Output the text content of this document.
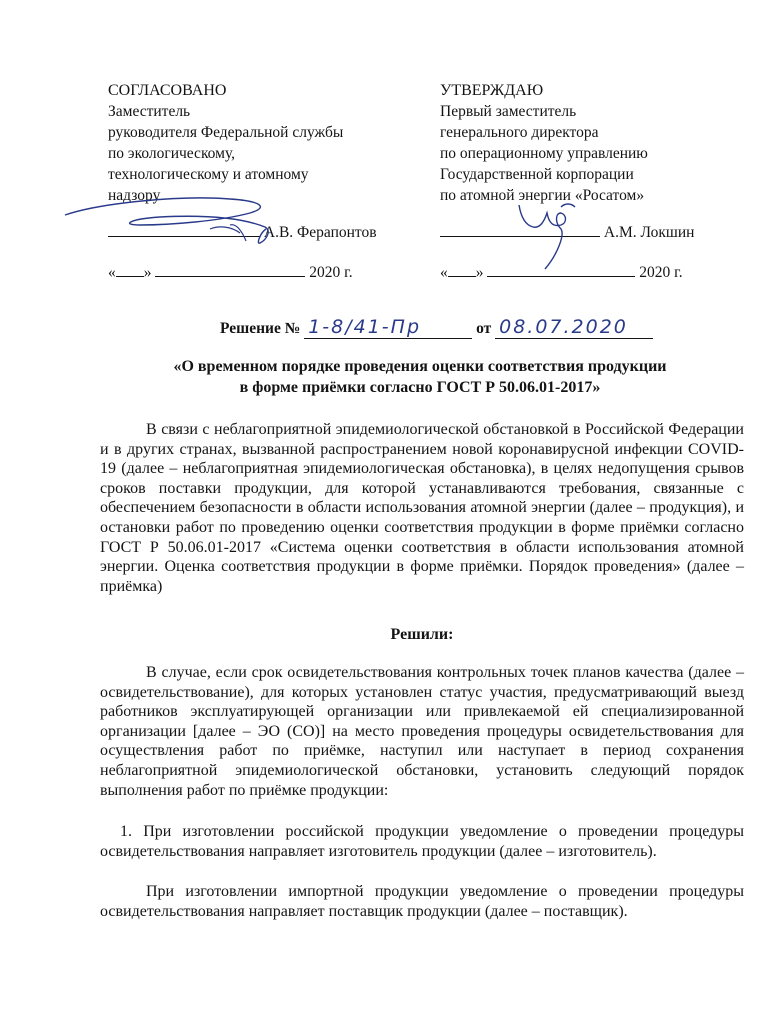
СОГЛАСОВАНО
Заместитель
руководителя Федеральной службы
по экологическому,
технологическому и атомному
надзору
А.В. Ферапонтов
« »	2020 г.
УТВЕРЖДАЮ
Первый заместитель
генерального директора
по операционному управлению
Государственной корпорации
по атомной энергии «Росатом»
А.М. Локшин
« »	2020 г.
Решение № 1-8/41-Пр	от 08.07.2020
«О временном порядке проведения оценки соответствия продукции
в форме приёмки согласно ГОСТ Р 50.06.01-2017»
В связи с неблагоприятной эпидемиологической обстановкой в Российской Федерации и в других странах, вызванной распространением новой коронавирусной инфекции COVID-19 (далее – неблагоприятная эпидемиологическая обстановка), в целях недопущения срывов сроков поставки продукции, для которой устанавливаются требования, связанные с обеспечением безопасности в области использования атомной энергии (далее – продукция), и остановки работ по проведению оценки соответствия продукции в форме приёмки согласно ГОСТ Р 50.06.01-2017 «Система оценки соответствия в области использования атомной энергии. Оценка соответствия продукции в форме приёмки. Порядок проведения» (далее – приёмка)
Решили:
В случае, если срок освидетельствования контрольных точек планов качества (далее – освидетельствование), для которых установлен статус участия, предусматривающий выезд работников эксплуатирующей организации или привлекаемой ей специализированной организации [далее – ЭО (СО)] на место проведения процедуры освидетельствования для осуществления работ по приёмке, наступил или наступает в период сохранения неблагоприятной эпидемиологической обстановки, установить следующий порядок выполнения работ по приёмке продукции:
1. При изготовлении российской продукции уведомление о проведении процедуры освидетельствования направляет изготовитель продукции (далее – изготовитель).
При изготовлении импортной продукции уведомление о проведении процедуры освидетельствования направляет поставщик продукции (далее – поставщик).
